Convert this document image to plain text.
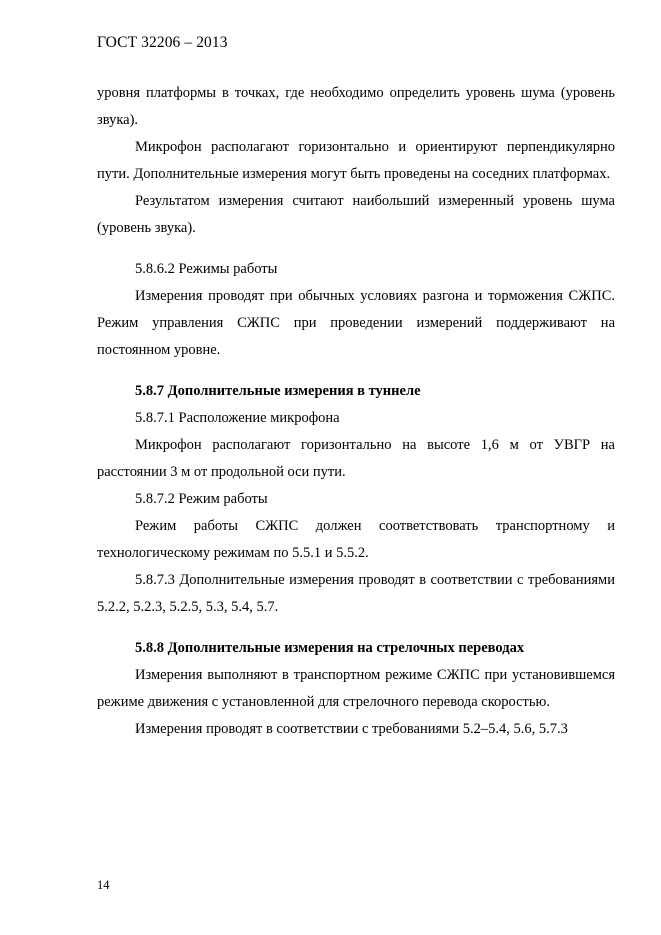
ГОСТ 32206 – 2013

уровня платформы в точках, где необходимо определить уровень шума (уровень звука).

Микрофон располагают горизонтально и ориентируют перпендикулярно пути. Дополнительные измерения могут быть проведены на соседних платформах.

Результатом измерения считают наибольший измеренный уровень шума (уровень звука).

5.8.6.2 Режимы работы

Измерения проводят при обычных условиях разгона и торможения СЖПС. Режим управления СЖПС при проведении измерений поддерживают на постоянном уровне.

5.8.7 Дополнительные измерения в туннеле

5.8.7.1 Расположение микрофона

Микрофон располагают горизонтально на высоте 1,6 м от УВГР на расстоянии 3 м от продольной оси пути.

5.8.7.2 Режим работы

Режим работы СЖПС должен соответствовать транспортному и технологическому режимам по 5.5.1 и 5.5.2.

5.8.7.3 Дополнительные измерения проводят в соответствии с требованиями 5.2.2, 5.2.3, 5.2.5, 5.3, 5.4, 5.7.

5.8.8 Дополнительные измерения на стрелочных переводах

Измерения выполняют в транспортном режиме СЖПС при установившемся режиме движения с установленной для стрелочного перевода скоростью.

Измерения проводят в соответствии с требованиями 5.2–5.4, 5.6, 5.7.3

14
